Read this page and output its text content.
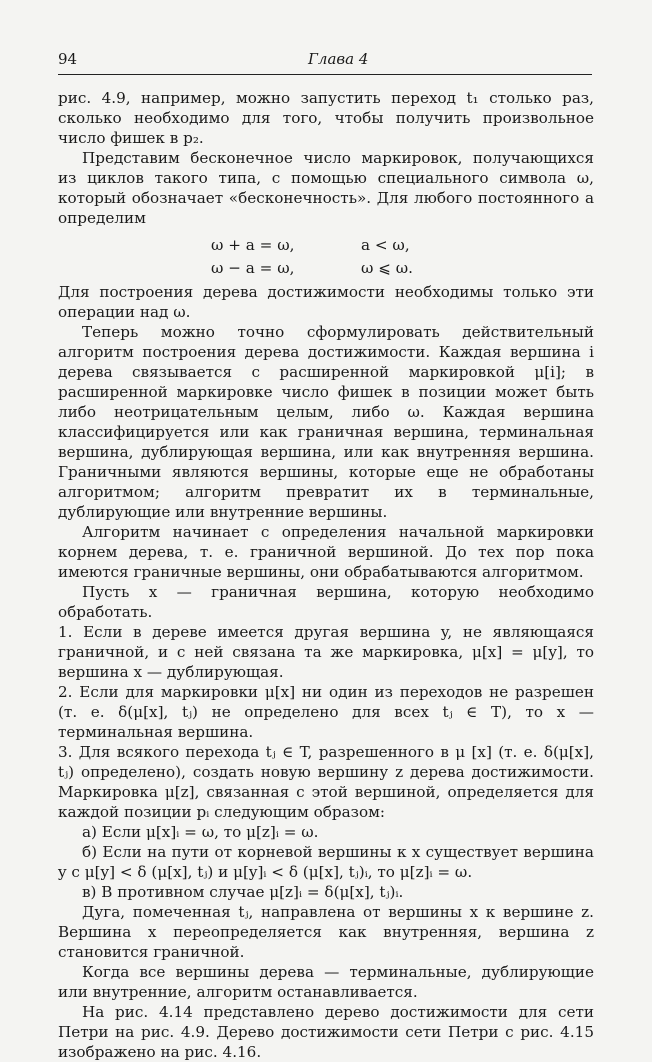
94	Глава 4

рис. 4.9, например, можно запустить переход t₁ столько раз, сколько необходимо для того, чтобы получить произвольное число фишек в p₂.

Представим бесконечное число маркировок, получающихся из циклов такого типа, с помощью специального символа ω, который обозначает «бесконечность». Для любого постоянного a определим

ω + a = ω,	a < ω,
ω − a = ω,	ω ⩽ ω.

Для построения дерева достижимости необходимы только эти операции над ω.

Теперь можно точно сформулировать действительный алгоритм построения дерева достижимости. Каждая вершина i дерева связывается с расширенной маркировкой μ[i]; в расширенной маркировке число фишек в позиции может быть либо неотрицательным целым, либо ω. Каждая вершина классифицируется или как граничная вершина, терминальная вершина, дублирующая вершина, или как внутренняя вершина. Граничными являются вершины, которые еще не обработаны алгоритмом; алгоритм превратит их в терминальные, дублирующие или внутренние вершины.

Алгоритм начинает с определения начальной маркировки корнем дерева, т. е. граничной вершиной. До тех пор пока имеются граничные вершины, они обрабатываются алгоритмом.

Пусть x — граничная вершина, которую необходимо обработать.

1. Если в дереве имеется другая вершина y, не являющаяся граничной, и с ней связана та же маркировка, μ[x] = μ[y], то вершина x — дублирующая.

2. Если для маркировки μ[x] ни один из переходов не разрешен (т. е. δ(μ[x], tⱼ) не определено для всех tⱼ ∈ T), то x — терминальная вершина.

3. Для всякого перехода tⱼ ∈ T, разрешенного в μ [x] (т. е. δ(μ[x], tⱼ) определено), создать новую вершину z дерева достижимости. Маркировка μ[z], связанная с этой вершиной, определяется для каждой позиции pᵢ следующим образом:

а) Если μ[x]ᵢ = ω, то μ[z]ᵢ = ω.

б) Если на пути от корневой вершины к x существует вершина y с μ[y] < δ (μ[x], tⱼ) и μ[y]ᵢ < δ (μ[x], tⱼ)ᵢ, то μ[z]ᵢ = ω.

в) В противном случае μ[z]ᵢ = δ(μ[x], tⱼ)ᵢ.

Дуга, помеченная tⱼ, направлена от вершины x к вершине z. Вершина x переопределяется как внутренняя, вершина z становится граничной.

Когда все вершины дерева — терминальные, дублирующие или внутренние, алгоритм останавливается.

На рис. 4.14 представлено дерево достижимости для сети Петри на рис. 4.9. Дерево достижимости сети Петри с рис. 4.15 изображено на рис. 4.16.
